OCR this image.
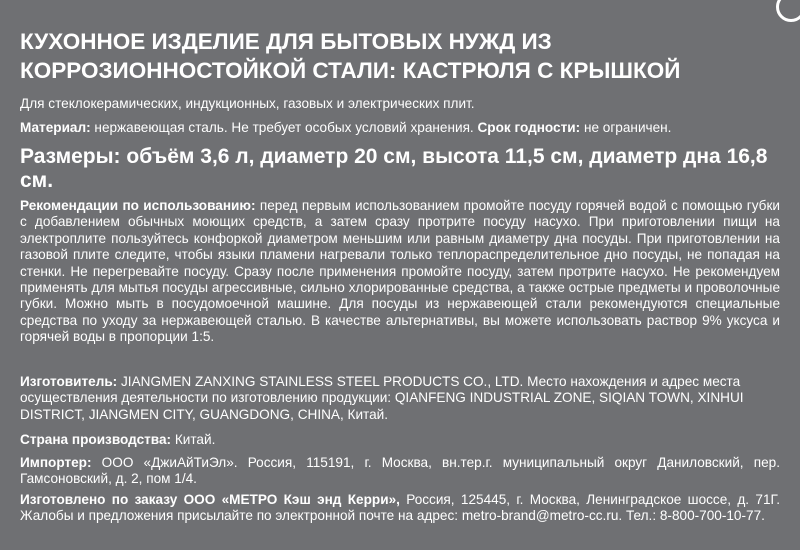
КУХОННОЕ ИЗДЕЛИЕ ДЛЯ БЫТОВЫХ НУЖД ИЗ КОРРОЗИОННОСТОЙКОЙ СТАЛИ: КАСТРЮЛЯ С КРЫШКОЙ
Для стеклокерамических, индукционных, газовых и электрических плит.
Материал: нержавеющая сталь. Не требует особых условий хранения. Срок годности: не ограничен.
Размеры: объём 3,6 л, диаметр 20 см, высота 11,5 см, диаметр дна 16,8 см.
Рекомендации по использованию: перед первым использованием промойте посуду горячей водой с помощью губки с добавлением обычных моющих средств, а затем сразу протрите посуду насухо. При приготовлении пищи на электроплите пользуйтесь конфоркой диаметром меньшим или равным диаметру дна посуды. При приготовлении на газовой плите следите, чтобы языки пламени нагревали только теплораспределительное дно посуды, не попадая на стенки. Не перегревайте посуду. Сразу после применения промойте посуду, затем протрите насухо. Не рекомендуем применять для мытья посуды агрессивные, сильно хлорированные средства, а также острые предметы и проволочные губки. Можно мыть в посудомоечной машине. Для посуды из нержавеющей стали рекомендуются специальные средства по уходу за нержавеющей сталью. В качестве альтернативы, вы можете использовать раствор 9% уксуса и горячей воды в пропорции 1:5.
Изготовитель: JIANGMEN ZANXING STAINLESS STEEL PRODUCTS CO., LTD. Место нахождения и адрес места осуществления деятельности по изготовлению продукции: QIANFENG INDUSTRIAL ZONE, SIQIAN TOWN, XINHUI DISTRICT, JIANGMEN CITY, GUANGDONG, CHINA, Китай.
Страна производства: Китай.
Импортер: ООО «ДжиАйТиЭл». Россия, 115191, г. Москва, вн.тер.г. муниципальный округ Даниловский, пер. Гамсоновский, д. 2, пом 1/4.
Изготовлено по заказу ООО «МЕТРО Кэш энд Керри», Россия, 125445, г. Москва, Ленинградское шоссе, д. 71Г. Жалобы и предложения присылайте по электронной почте на адрес: metro-brand@metro-cc.ru. Тел.: 8-800-700-10-77.
